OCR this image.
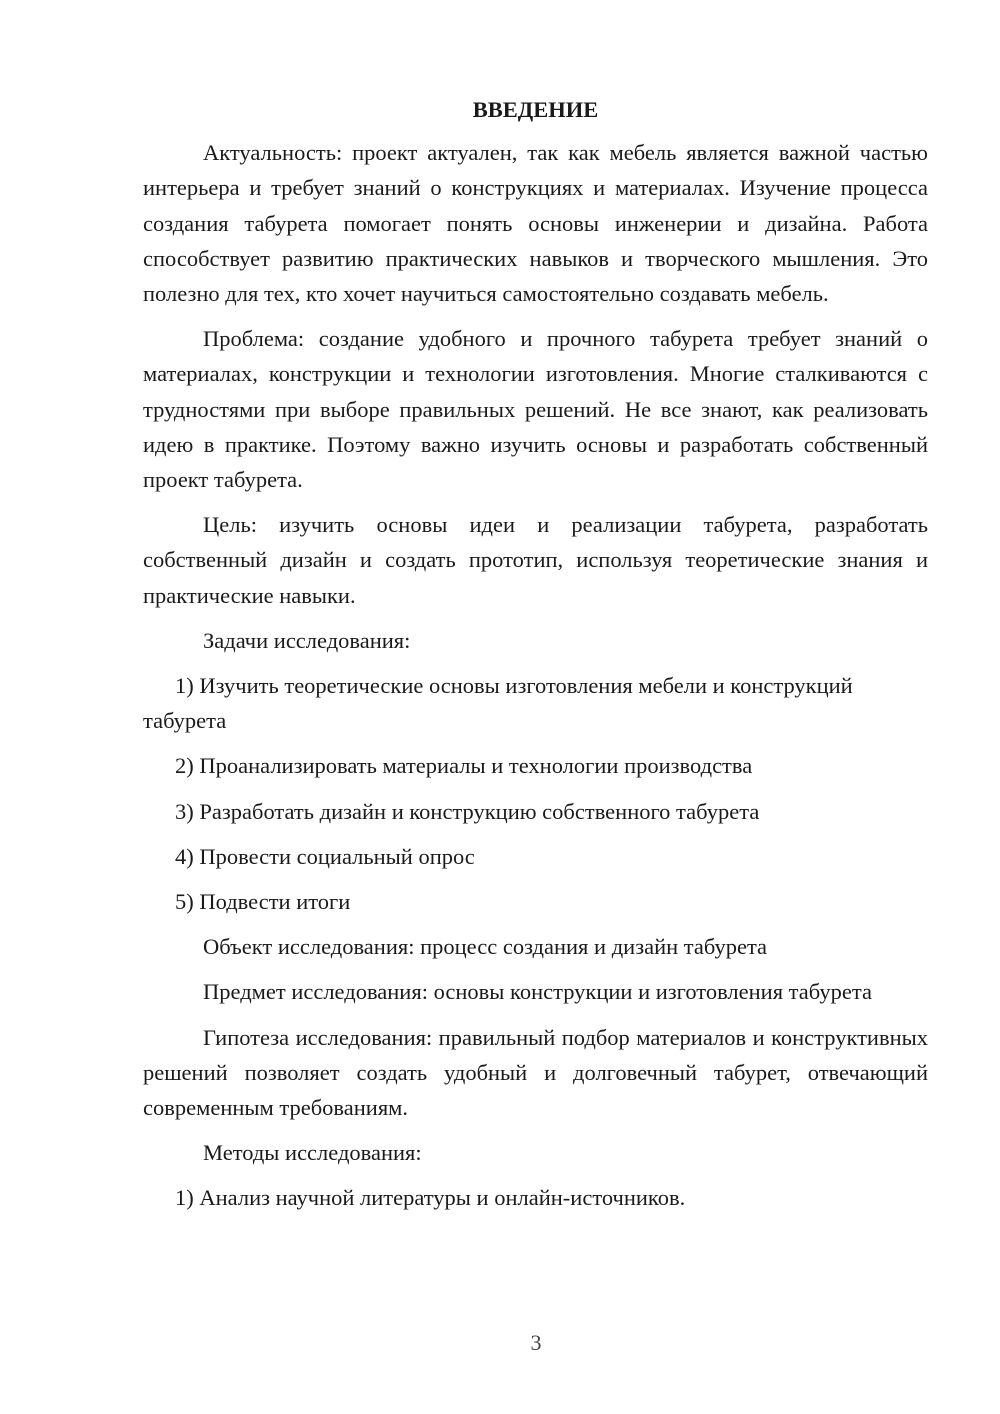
ВВЕДЕНИЕ

Актуальность: проект актуален, так как мебель является важной частью интерьера и требует знаний о конструкциях и материалах. Изучение процесса создания табурета помогает понять основы инженерии и дизайна. Работа способствует развитию практических навыков и творческого мышления. Это полезно для тех, кто хочет научиться самостоятельно создавать мебель.

Проблема: создание удобного и прочного табурета требует знаний о материалах, конструкции и технологии изготовления. Многие сталкиваются с трудностями при выборе правильных решений. Не все знают, как реализовать идею в практике. Поэтому важно изучить основы и разработать собственный проект табурета.

Цель: изучить основы идеи и реализации табурета, разработать собственный дизайн и создать прототип, используя теоретические знания и практические навыки.

Задачи исследования:

1) Изучить теоретические основы изготовления мебели и конструкций табурета

2) Проанализировать материалы и технологии производства

3) Разработать дизайн и конструкцию собственного табурета

4) Провести социальный опрос

5) Подвести итоги

Объект исследования: процесс создания и дизайн табурета

Предмет исследования: основы конструкции и изготовления табурета

Гипотеза исследования: правильный подбор материалов и конструктивных решений позволяет создать удобный и долговечный табурет, отвечающий современным требованиям.

Методы исследования:

1) Анализ научной литературы и онлайн-источников.

3
